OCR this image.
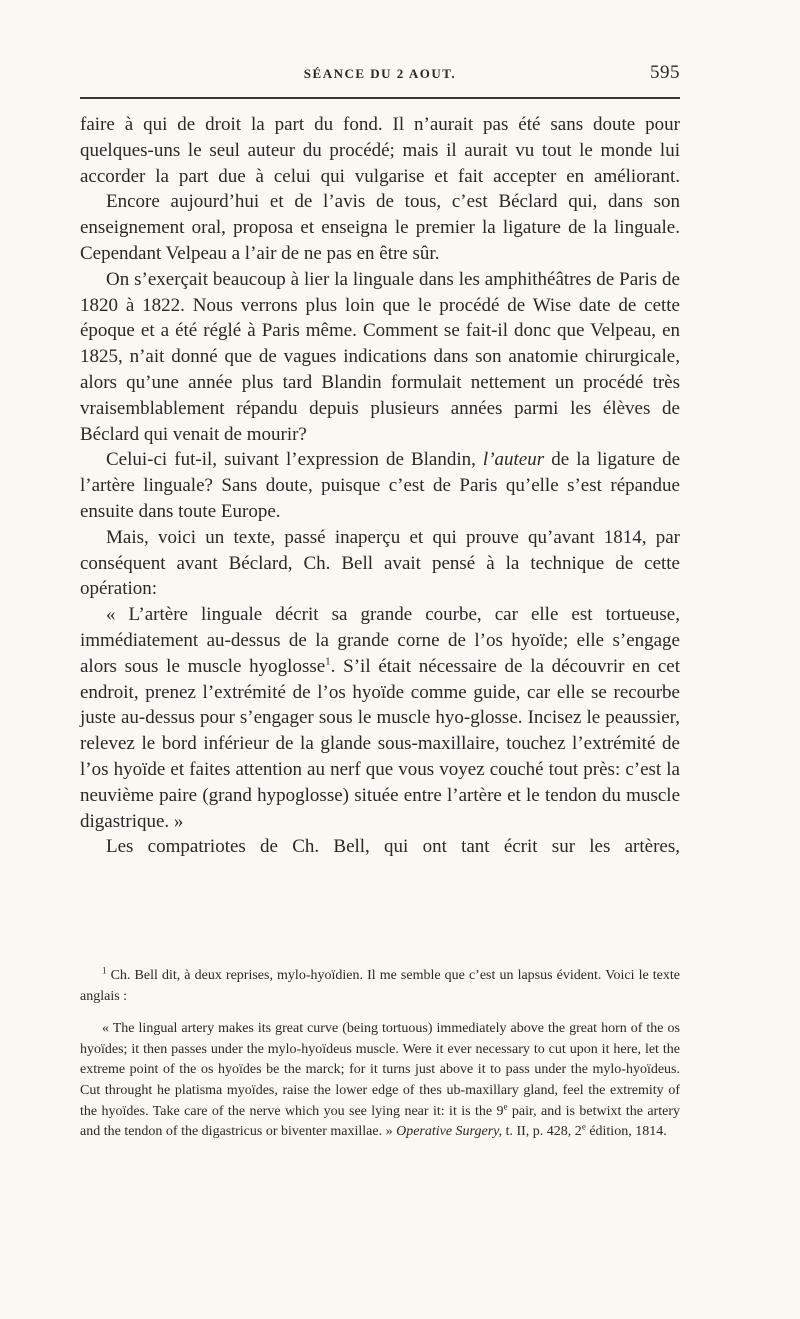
SÉANCE DU 2 AOUT.	595

faire à qui de droit la part du fond. Il n’aurait pas été sans doute pour quelques-uns le seul auteur du procédé; mais il aurait vu tout le monde lui accorder la part due à celui qui vulgarise et fait accepter en améliorant.

Encore aujourd’hui et de l’avis de tous, c’est Béclard qui, dans son enseignement oral, proposa et enseigna le premier la ligature de la linguale. Cependant Velpeau a l’air de ne pas en être sûr.

On s’exerçait beaucoup à lier la linguale dans les amphithéâtres de Paris de 1820 à 1822. Nous verrons plus loin que le procédé de Wise date de cette époque et a été réglé à Paris même. Comment se fait-il donc que Velpeau, en 1825, n’ait donné que de vagues indications dans son anatomie chirurgicale, alors qu’une année plus tard Blandin formulait nettement un procédé très vraisemblablement répandu depuis plusieurs années parmi les élèves de Béclard qui venait de mourir?

Celui-ci fut-il, suivant l’expression de Blandin, l’auteur de la ligature de l’artère linguale? Sans doute, puisque c’est de Paris qu’elle s’est répandue ensuite dans toute Europe.

Mais, voici un texte, passé inaperçu et qui prouve qu’avant 1814, par conséquent avant Béclard, Ch. Bell avait pensé à la technique de cette opération:

« L’artère linguale décrit sa grande courbe, car elle est tortueuse, immédiatement au-dessus de la grande corne de l’os hyoïde; elle s’engage alors sous le muscle hyoglosse$^1$. S’il était nécessaire de la découvrir en cet endroit, prenez l’extrémité de l’os hyoïde comme guide, car elle se recourbe juste au-dessus pour s’engager sous le muscle hyo-glosse. Incisez le peaussier, relevez le bord inférieur de la glande sous-maxillaire, touchez l’extrémité de l’os hyoïde et faites attention au nerf que vous voyez couché tout près: c’est la neuvième paire (grand hypoglosse) située entre l’artère et le tendon du muscle digastrique. »

Les compatriotes de Ch. Bell, qui ont tant écrit sur les artères,

$^1$ Ch. Bell dit, à deux reprises, mylo-hyoïdien. Il me semble que c’est un lapsus évident. Voici le texte anglais :

« The lingual artery makes its great curve (being tortuous) immediately above the great horn of the os hyoïdes; it then passes under the mylo-hyoïdeus muscle. Were it ever necessary to cut upon it here, let the extreme point of the os hyoïdes be the marck; for it turns just above it to pass under the mylo-hyoïdeus. Cut throught he platisma myoïdes, raise the lower edge of thes ub-maxillary gland, feel the extremity of the hyoïdes. Take care of the nerve which you see lying near it: it is the 9e pair, and is betwixt the artery and the tendon of the digastricus or biventer maxillae. » Operative Surgery, t. II, p. 428, 2e édition, 1814.
